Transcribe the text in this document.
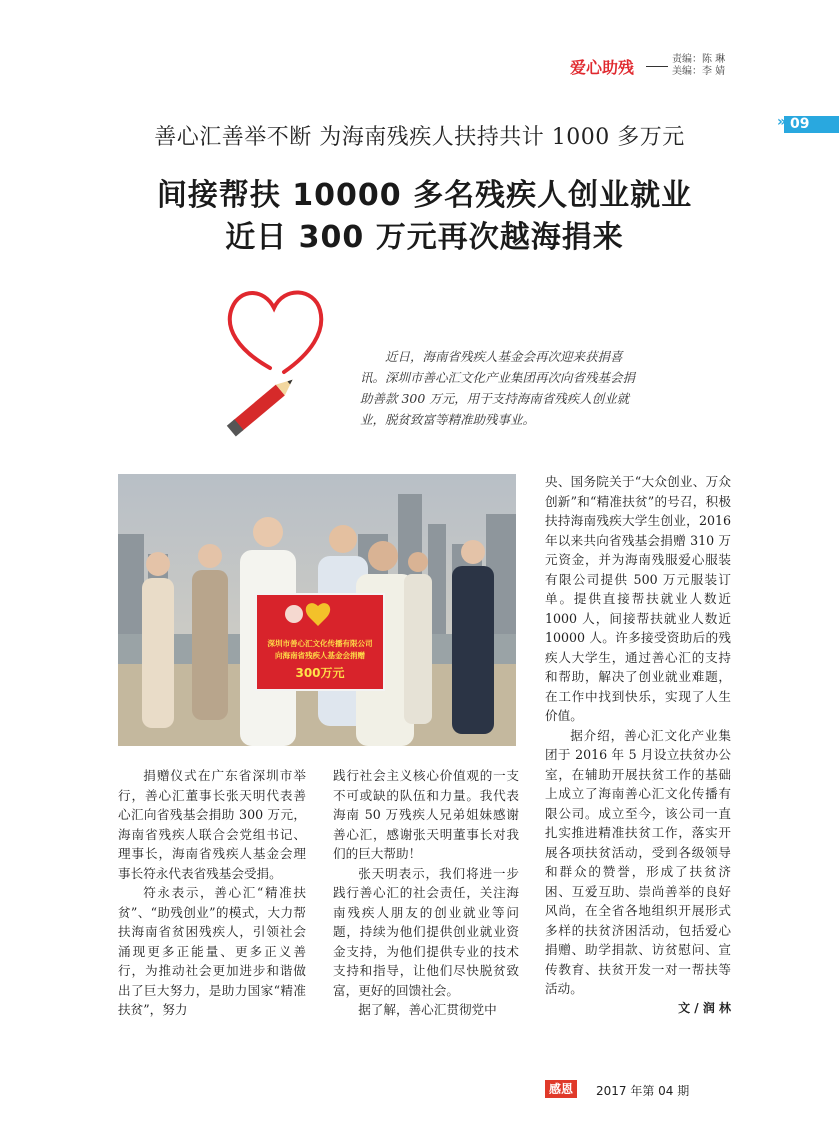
爱心助残	责编：陈 琳
美编：李 婧
» 09
善心汇善举不断 为海南残疾人扶持共计 1000 多万元
间接帮扶 10000 多名残疾人创业就业
近日 300 万元再次越海捐来
近日，海南省残疾人基金会再次迎来获捐喜讯。深圳市善心汇文化产业集团再次向省残基会捐助善款 300 万元，用于支持海南省残疾人创业就业，脱贫致富等精准助残事业。
深圳市善心汇文化传播有限公司
向海南省残疾人基金会捐赠
300万元

捐赠仪式在广东省深圳市举行，善心汇董事长张天明代表善心汇向省残基会捐助 300 万元，海南省残疾人联合会党组书记、理事长，海南省残疾人基金会理事长符永代表省残基会受捐。

符永表示，善心汇“精准扶贫”、“助残创业”的模式，大力帮扶海南省贫困残疾人，引领社会涌现更多正能量、更多正义善行，为推动社会更加进步和谐做出了巨大努力，是助力国家“精准扶贫”，努力

践行社会主义核心价值观的一支不可或缺的队伍和力量。我代表海南 50 万残疾人兄弟姐妹感谢善心汇，感谢张天明董事长对我们的巨大帮助！

张天明表示，我们将进一步践行善心汇的社会责任，关注海南残疾人朋友的创业就业等问题，持续为他们提供创业就业资金支持，为他们提供专业的技术支持和指导，让他们尽快脱贫致富，更好的回馈社会。

据了解，善心汇贯彻党中

央、国务院关于“大众创业、万众创新”和“精准扶贫”的号召，积极扶持海南残疾大学生创业，2016 年以来共向省残基会捐赠 310 万元资金，并为海南残服爱心服装有限公司提供 500 万元服装订单。提供直接帮扶就业人数近 1000 人，间接帮扶就业人数近 10000 人。许多接受资助后的残疾人大学生，通过善心汇的支持和帮助，解决了创业就业难题，在工作中找到快乐，实现了人生价值。

据介绍，善心汇文化产业集团于 2016 年 5 月设立扶贫办公室，在辅助开展扶贫工作的基础上成立了海南善心汇文化传播有限公司。成立至今，该公司一直扎实推进精准扶贫工作，落实开展各项扶贫活动，受到各级领导和群众的赞誉，形成了扶贫济困、互爱互助、崇尚善举的良好风尚，在全省各地组织开展形式多样的扶贫济困活动，包括爱心捐赠、助学捐款、访贫慰问、宣传教育、扶贫开发一对一帮扶等活动。

文 / 润 林
感恩	2017 年第 04 期
